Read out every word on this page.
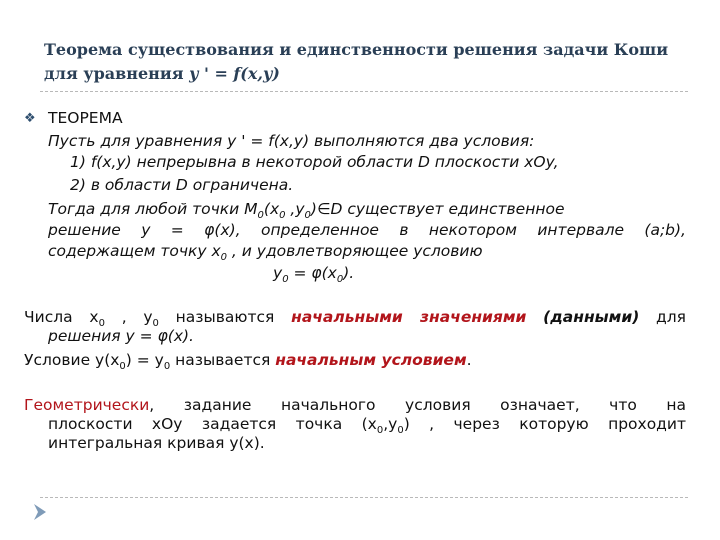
Теорема существования и единственности решения задачи Коши
для уравнения y ' = f(x,y)
❖ ТЕОРЕМА
Пусть для уравнения y ' = f(x,y) выполняются два условия:
1) f(x,y) непрерывна в некоторой области D плоскости xOy,
2) в области D ограничена.
Тогда для любой точки $M_0(x_0$ $,y_0)\in D$ существует единственное
решение y = φ(x), определенное в некотором интервале (a;b),
содержащем точку $x_0$ , и удовлетворяющее условию
$y_0 = \varphi(x_0)$.
Числа $x_0$ , $y_0$ называются начальными значениями (данными) для
решения y = φ(x).
Условие $y(x_0) = y_0$ называется начальным условием.
Геометрически, задание начального условия означает, что на
плоскости xOy задается точка $(x_0,y_0)$ , через которую проходит
интегральная кривая y(x).
